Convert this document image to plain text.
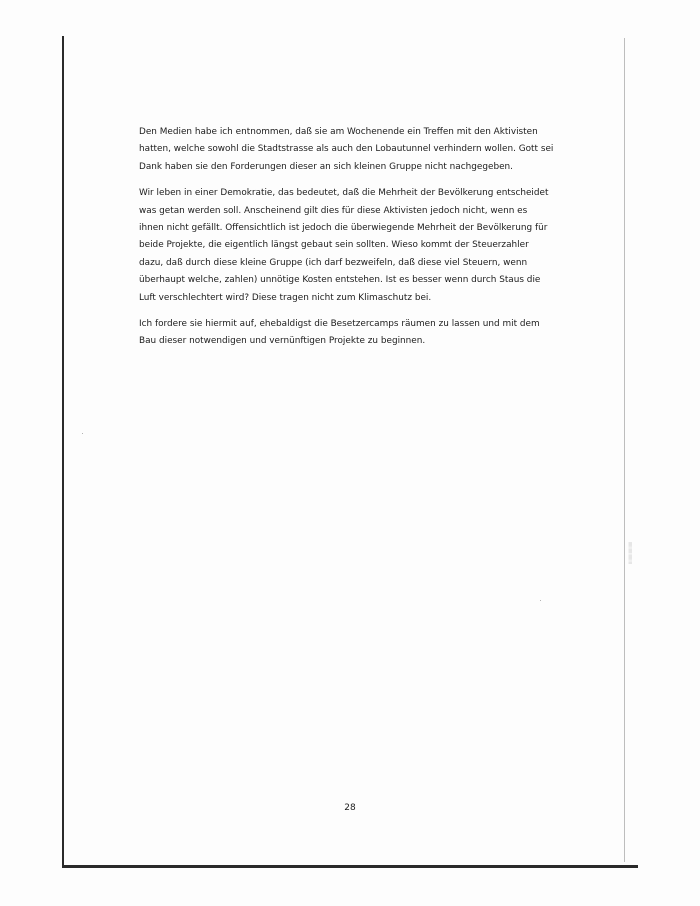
Den Medien habe ich entnommen, daß sie am Wochenende ein Treffen mit den Aktivisten hatten, welche sowohl die Stadtstrasse als auch den Lobautunnel verhindern wollen. Gott sei Dank haben sie den Forderungen dieser an sich kleinen Gruppe nicht nachgegeben.

Wir leben in einer Demokratie, das bedeutet, daß die Mehrheit der Bevölkerung entscheidet was getan werden soll. Anscheinend gilt dies für diese Aktivisten jedoch nicht, wenn es ihnen nicht gefällt. Offensichtlich ist jedoch die überwiegende Mehrheit der Bevölkerung für beide Projekte, die eigentlich längst gebaut sein sollten. Wieso kommt der Steuerzahler dazu, daß durch diese kleine Gruppe (ich darf bezweifeln, daß diese viel Steuern, wenn überhaupt welche, zahlen) unnötige Kosten entstehen. Ist es besser wenn durch Staus die Luft verschlechtert wird? Diese tragen nicht zum Klimaschutz bei.

Ich fordere sie hiermit auf, ehebaldigst die Besetzercamps räumen zu lassen und mit dem Bau dieser notwendigen und vernünftigen Projekte zu beginnen.

28
|||||||||||||||||||
